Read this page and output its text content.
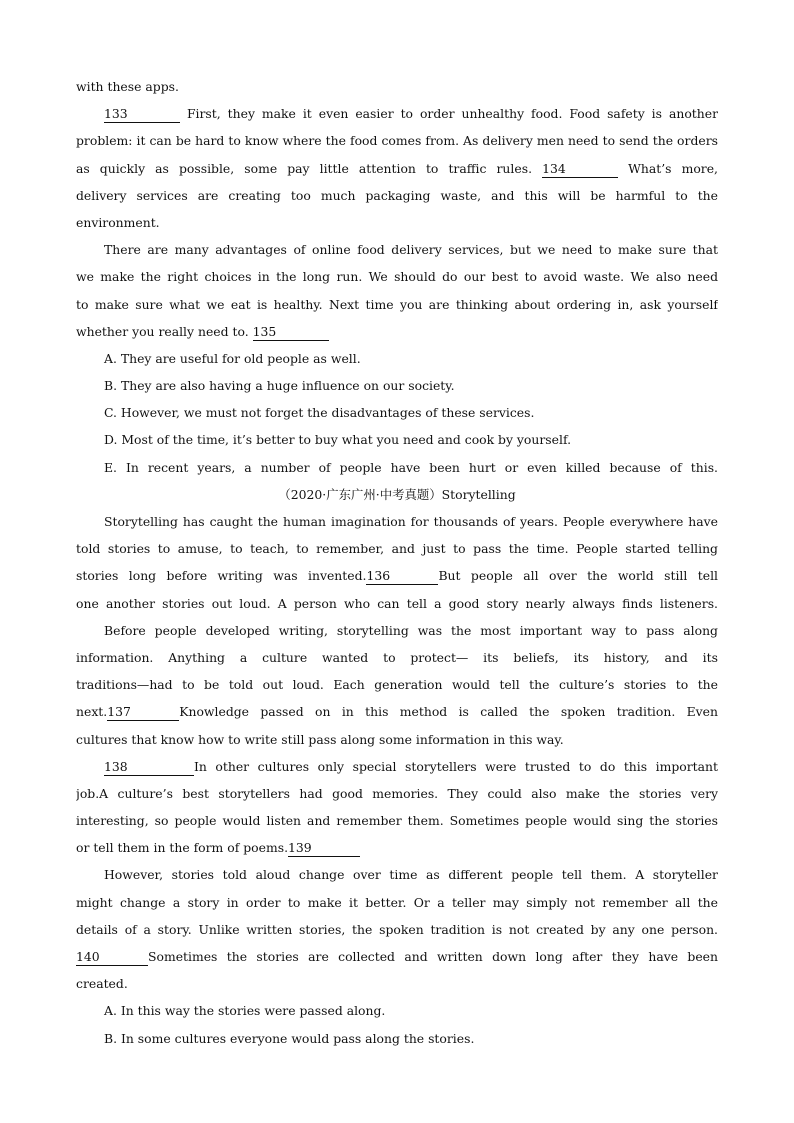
with these apps.
133	First, they make it even easier to order unhealthy food. Food safety is another
problem: it can be hard to know where the food comes from. As delivery men need to send the orders
as quickly as possible, some pay little attention to traffic rules. 134	What’s more,
delivery services are creating too much packaging waste, and this will be harmful to the
environment.
There are many advantages of online food delivery services, but we need to make sure that
we make the right choices in the long run. We should do our best to avoid waste. We also need
to make sure what we eat is healthy. Next time you are thinking about ordering in, ask yourself
whether you really need to. 135
A. They are useful for old people as well.
B. They are also having a huge influence on our society.
C. However, we must not forget the disadvantages of these services.
D. Most of the time, it’s better to buy what you need and cook by yourself.
E. In recent years, a number of people have been hurt or even killed because of this.
（2020·广东广州·中考真题）Storytelling
Storytelling has caught the human imagination for thousands of years. People everywhere have
told stories to amuse, to teach, to remember, and just to pass the time. People started telling
stories long before writing was invented.136	But people all over the world still tell
one another stories out loud. A person who can tell a good story nearly always finds listeners.
Before people developed writing, storytelling was the most important way to pass along
information. Anything a culture wanted to protect— its beliefs, its history, and its
traditions—had to be told out loud. Each generation would tell the culture’s stories to the
next.137	Knowledge passed on in this method is called the spoken tradition. Even
cultures that know how to write still pass along some information in this way.
138	In other cultures only special storytellers were trusted to do this important
job.A culture’s best storytellers had good memories. They could also make the stories very
interesting, so people would listen and remember them. Sometimes people would sing the stories
or tell them in the form of poems.139
However, stories told aloud change over time as different people tell them. A storyteller
might change a story in order to make it better. Or a teller may simply not remember all the
details of a story. Unlike written stories, the spoken tradition is not created by any one person.
140	Sometimes the stories are collected and written down long after they have been
created.
A. In this way the stories were passed along.
B. In some cultures everyone would pass along the stories.
